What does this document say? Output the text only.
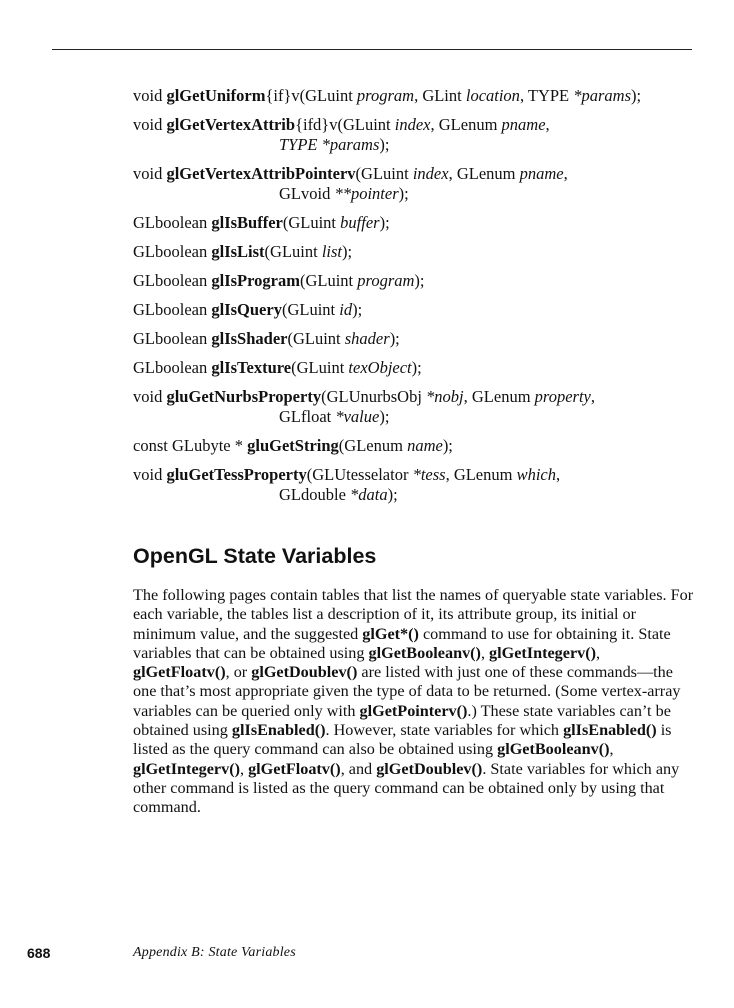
void glGetUniform{if}v(GLuint program, GLint location, TYPE *params);
void glGetVertexAttrib{ifd}v(GLuint index, GLenum pname,
TYPE *params);
void glGetVertexAttribPointerv(GLuint index, GLenum pname,
GLvoid **pointer);
GLboolean glIsBuffer(GLuint buffer);
GLboolean glIsList(GLuint list);
GLboolean glIsProgram(GLuint program);
GLboolean glIsQuery(GLuint id);
GLboolean glIsShader(GLuint shader);
GLboolean glIsTexture(GLuint texObject);
void gluGetNurbsProperty(GLUnurbsObj *nobj, GLenum property,
GLfloat *value);
const GLubyte * gluGetString(GLenum name);
void gluGetTessProperty(GLUtesselator *tess, GLenum which,
GLdouble *data);
OpenGL State Variables

The following pages contain tables that list the names of queryable state variables. For each variable, the tables list a description of it, its attribute group, its initial or minimum value, and the suggested glGet*() command to use for obtaining it. State variables that can be obtained using glGetBooleanv(), glGetIntegerv(), glGetFloatv(), or glGetDoublev() are listed with just one of these commands—the one that’s most appropriate given the type of data to be returned. (Some vertex-array variables can be queried only with glGetPointerv().) These state variables can’t be obtained using glIsEnabled(). However, state variables for which glIsEnabled() is listed as the query command can also be obtained using glGetBooleanv(), glGetIntegerv(), glGetFloatv(), and glGetDoublev(). State variables for which any other command is listed as the query command can be obtained only by using that command.

688	Appendix B: State Variables
